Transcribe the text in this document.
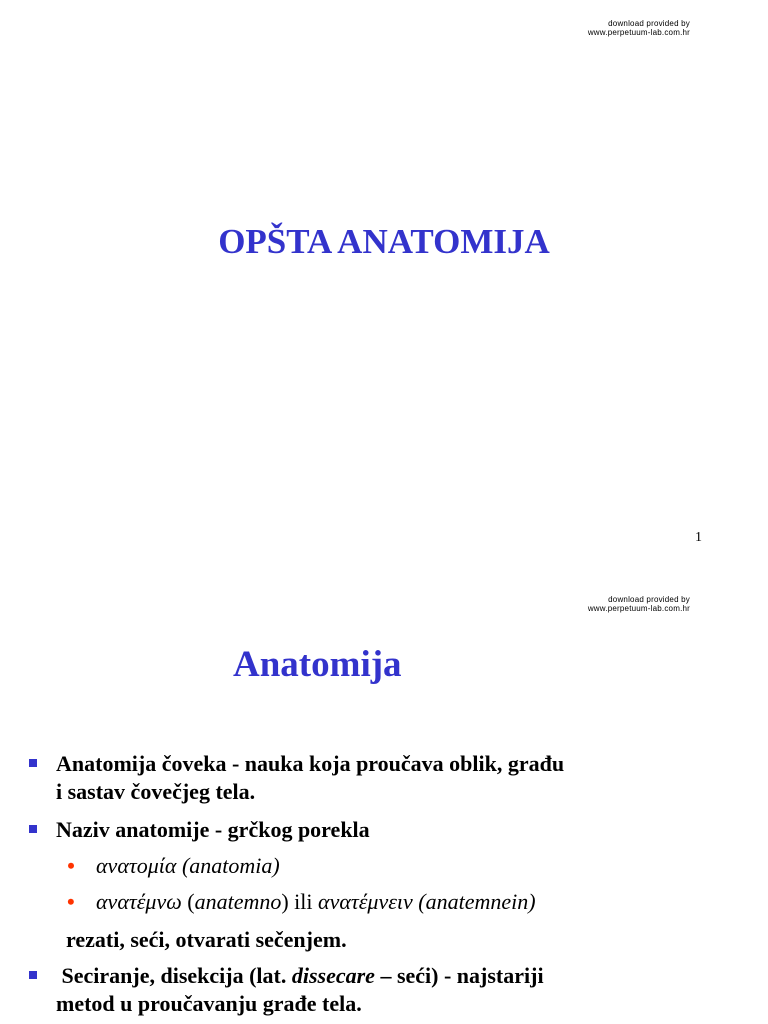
download provided by
www.perpetuum-lab.com.hr
OPŠTA ANATOMIJA
1
download provided by
www.perpetuum-lab.com.hr
Anatomija
Anatomija čoveka - nauka koja proučava oblik, građu
i sastav čovečjeg tela.
Naziv anatomije - grčkog porekla
• ανατομία (anatomia)
• ανατέμνω (anatemno) ili ανατέμνειν (anatemnein)
rezati, seći, otvarati sečenjem.
Seciranje, disekcija (lat. dissecare – seći) - najstariji
metod u proučavanju građe tela.
